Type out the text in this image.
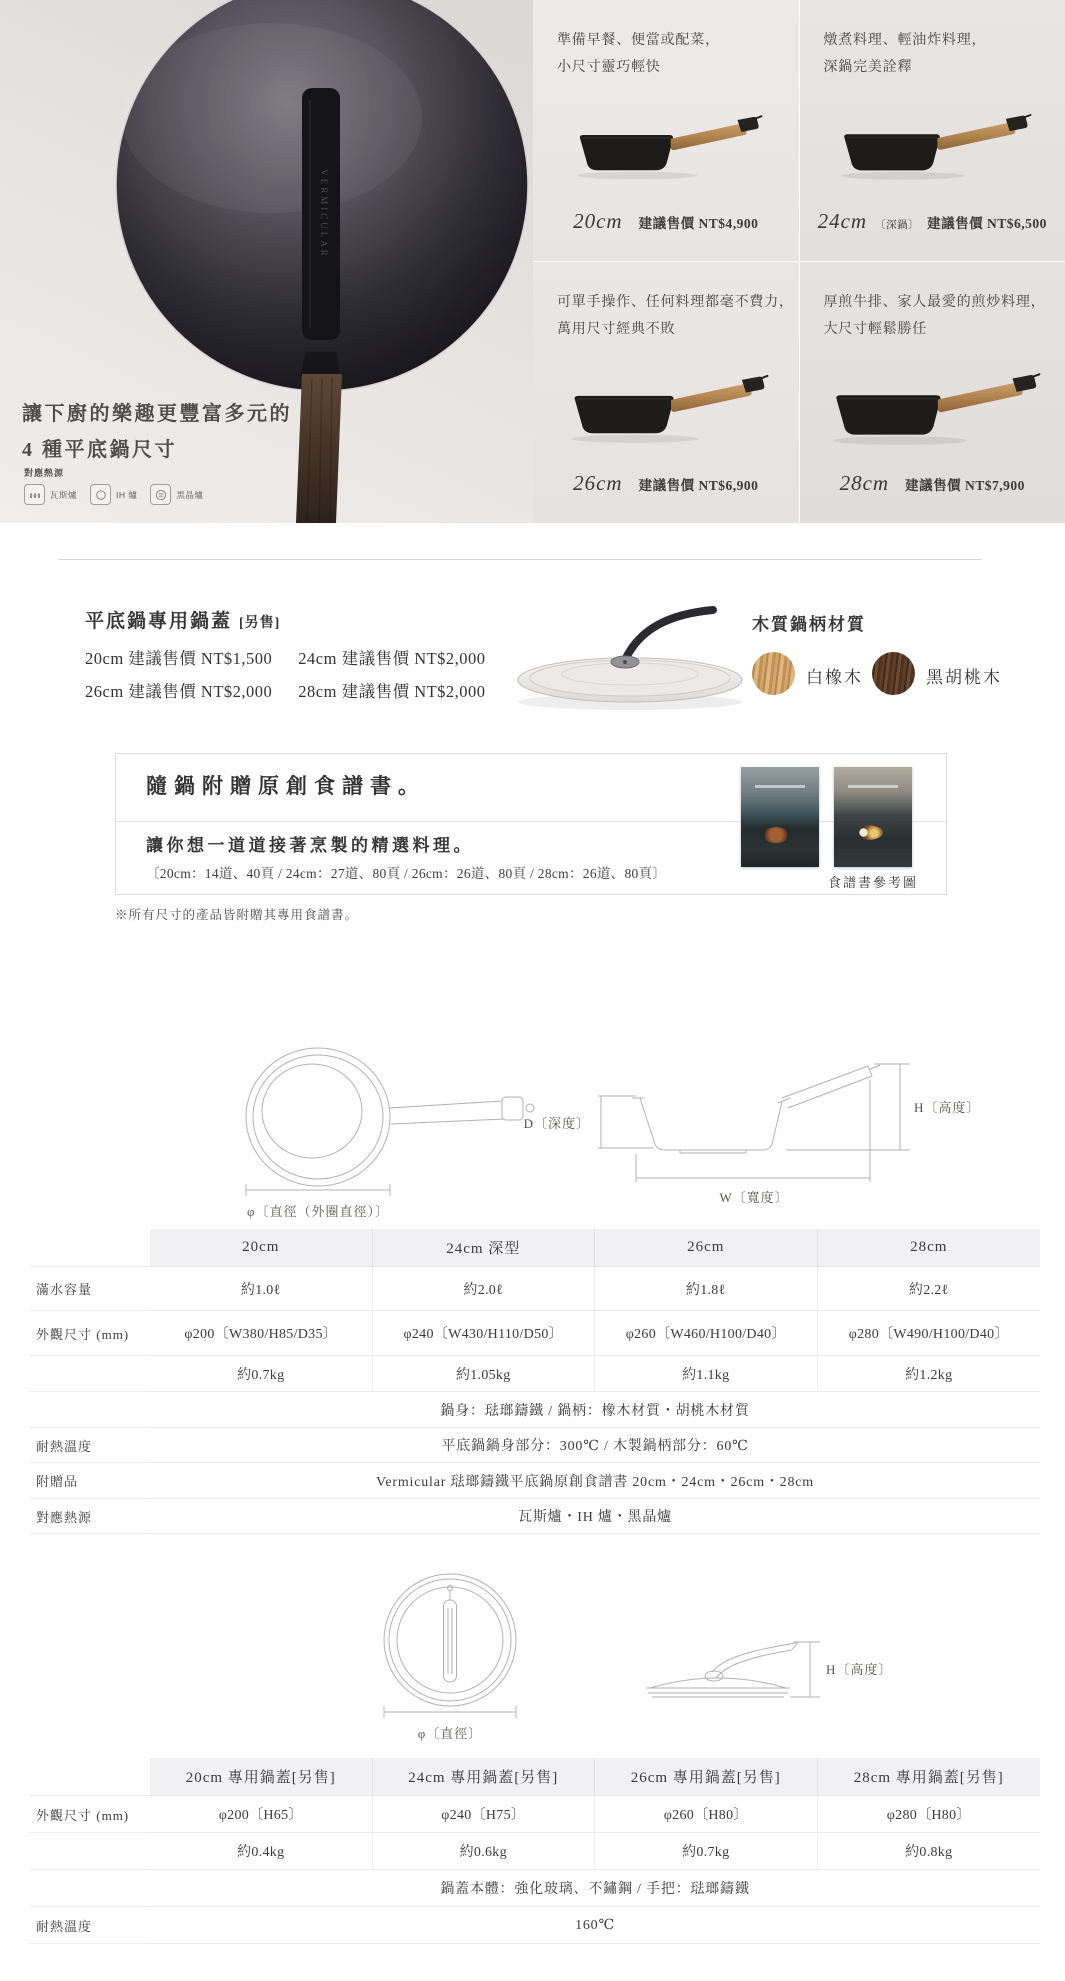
VERMICULAR
讓下廚的樂趣更豐富多元的
4 種平底鍋尺寸
對應熱源
瓦斯爐	IH 爐	黑晶爐
準備早餐、便當或配菜，
小尺寸靈巧輕快
20cm 建議售價 NT$4,900
燉煮料理、輕油炸料理，
深鍋完美詮釋
24cm 〔深鍋〕 建議售價 NT$6,500
可單手操作、任何料理都毫不費力，
萬用尺寸經典不敗
26cm 建議售價 NT$6,900
厚煎牛排、家人最愛的煎炒料理，
大尺寸輕鬆勝任
28cm 建議售價 NT$7,900
平底鍋專用鍋蓋 [另售]
20cm 建議售價 NT$1,500 24cm 建議售價 NT$2,000
26cm 建議售價 NT$2,000 28cm 建議售價 NT$2,000
木質鍋柄材質
白橡木	黑胡桃木
隨鍋附贈原創食譜書。
讓你想一道道接著烹製的精選料理。
〔20cm：14道、40頁 / 24cm：27道、80頁 / 26cm：26道、80頁 / 28cm：26道、80頁〕
食譜書參考圖
※所有尺寸的產品皆附贈其專用食譜書。
φ〔直徑（外圈直徑）〕
D〔深度〕
W〔寬度〕
H〔高度〕
20cm	24cm 深型	26cm	28cm
滿水容量	約1.0ℓ	約2.0ℓ	約1.8ℓ	約2.2ℓ
外觀尺寸 (mm)	φ200〔W380/H85/D35〕	φ240〔W430/H110/D50〕	φ260〔W460/H100/D40〕	φ280〔W490/H100/D40〕
約0.7kg	約1.05kg	約1.1kg	約1.2kg
鍋身：琺瑯鑄鐵 / 鍋柄：橡木材質・胡桃木材質
耐熱溫度	平底鍋鍋身部分：300℃ / 木製鍋柄部分：60℃
附贈品	Vermicular 琺瑯鑄鐵平底鍋原創食譜書 20cm・24cm・26cm・28cm
對應熱源	瓦斯爐・IH 爐・黑晶爐
φ〔直徑〕
H〔高度〕
20cm 專用鍋蓋[另售]	24cm 專用鍋蓋[另售]	26cm 專用鍋蓋[另售]	28cm 專用鍋蓋[另售]
外觀尺寸 (mm)	φ200〔H65〕	φ240〔H75〕	φ260〔H80〕	φ280〔H80〕
約0.4kg	約0.6kg	約0.7kg	約0.8kg
鍋蓋本體：強化玻璃、不鏽鋼 / 手把：琺瑯鑄鐵
耐熱溫度	160℃
